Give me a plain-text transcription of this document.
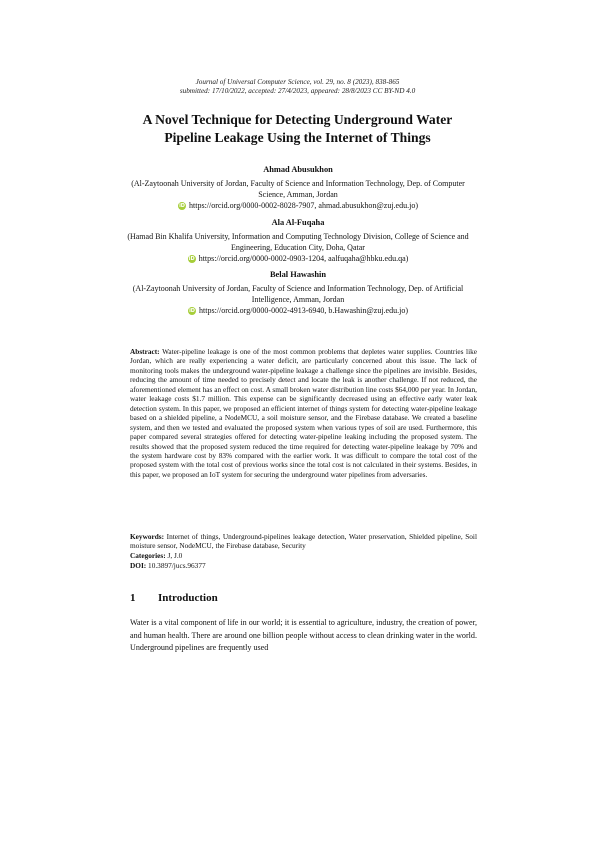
Journal of Universal Computer Science, vol. 29, no. 8 (2023), 838-865
submitted: 17/10/2022, accepted: 27/4/2023, appeared: 28/8/2023 CC BY-ND 4.0
A Novel Technique for Detecting Underground Water
Pipeline Leakage Using the Internet of Things
Ahmad Abusukhon
(Al-Zaytoonah University of Jordan, Faculty of Science and Information Technology, Dep. of Computer Science, Amman, Jordan
iD https://orcid.org/0000-0002-8028-7907, ahmad.abusukhon@zuj.edu.jo)
Ala Al-Fuqaha
(Hamad Bin Khalifa University, Information and Computing Technology Division, College of Science and Engineering, Education City, Doha, Qatar
iD https://orcid.org/0000-0002-0903-1204, aalfuqaha@hbku.edu.qa)
Belal Hawashin
(Al-Zaytoonah University of Jordan, Faculty of Science and Information Technology, Dep. of Artificial Intelligence, Amman, Jordan
iD https://orcid.org/0000-0002-4913-6940, b.Hawashin@zuj.edu.jo)

Abstract: Water-pipeline leakage is one of the most common problems that depletes water supplies. Countries like Jordan, which are really experiencing a water deficit, are particularly concerned about this issue. The lack of monitoring tools makes the underground water-pipeline leakage a challenge since the pipelines are invisible. Besides, reducing the amount of time needed to precisely detect and locate the leak is another challenge. If not reduced, the aforementioned element has an effect on cost. A small broken water distribution line costs $64,000 per year. In Jordan, water leakage costs $1.7 million. This expense can be significantly decreased using an effective early water leak detection system. In this paper, we proposed an efficient internet of things system for detecting water-pipeline leakage based on a shielded pipeline, a NodeMCU, a soil moisture sensor, and the Firebase database. We created a baseline system, and then we tested and evaluated the proposed system when various types of soil are used. Furthermore, this paper compared several strategies offered for detecting water-pipeline leaking including the proposed system. The results showed that the proposed system reduced the time required for detecting water-pipeline leakage by 70% and the system hardware cost by 83% compared with the earlier work. It was difficult to compare the total cost of the proposed system with the total cost of previous works since the total cost is not calculated in their systems. Besides, in this paper, we proposed an IoT system for securing the underground water pipelines from adversaries.

Keywords: Internet of things, Underground-pipelines leakage detection, Water preservation, Shielded pipeline, Soil moisture sensor, NodeMCU, the Firebase database, Security

Categories: J, J.0

DOI: 10.3897/jucs.96377

1	Introduction

Water is a vital component of life in our world; it is essential to agriculture, industry, the creation of power, and human health. There are around one billion people without access to clean drinking water in the world. Underground pipelines are frequently used
